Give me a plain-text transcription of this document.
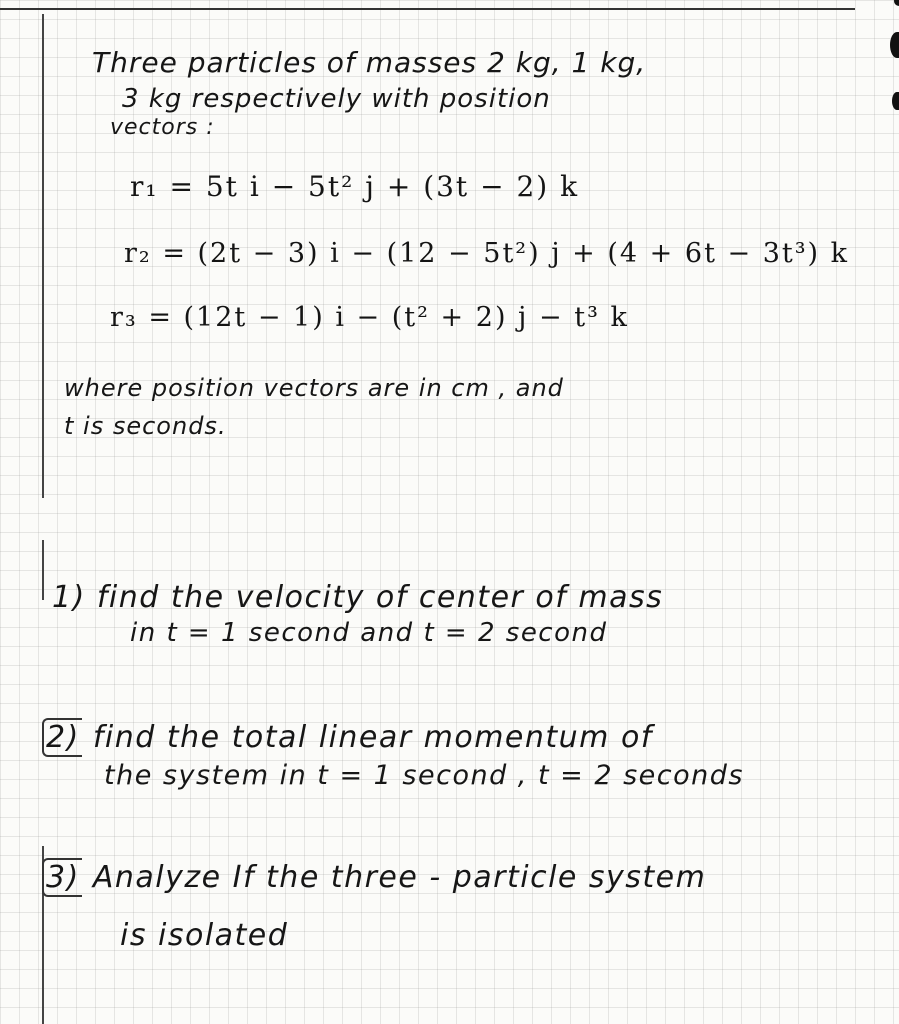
Three particles of masses 2 kg, 1 kg,
3 kg respectively with position
vectors :
r₁ = 5t i − 5t² j + (3t − 2) k
r₂ = (2t − 3) i − (12 − 5t²) j + (4 + 6t − 3t³) k
r₃ = (12t − 1) i − (t² + 2) j − t³ k
where position vectors are in cm , and
t is seconds.
1) find the velocity of center of mass
in t = 1 second and t = 2 second
2) find the total linear momentum of
the system in t = 1 second , t = 2 seconds
3) Analyze If the three - particle system
is isolated
